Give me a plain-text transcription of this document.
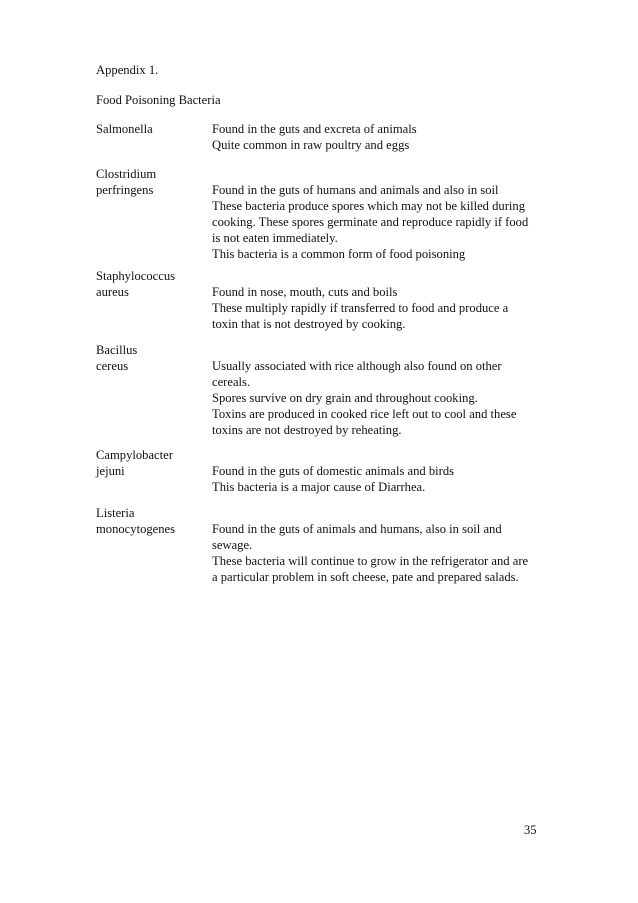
Appendix 1.
Food Poisoning Bacteria
Salmonella	Found in the guts and excreta of animals
Quite common in raw poultry and eggs
Clostridium
perfringens	Found in the guts of humans and animals and also in soil
These bacteria produce spores which may not be killed during
cooking. These spores germinate and reproduce rapidly if food
is not eaten immediately.
This bacteria is a common form of food poisoning
Staphylococcus
aureus	Found in nose, mouth, cuts and boils
These multiply rapidly if transferred to food and produce a
toxin that is not destroyed by cooking.
Bacillus
cereus	Usually associated with rice although also found on other
cereals.
Spores survive on dry grain and throughout cooking.
Toxins are produced in cooked rice left out to cool and these
toxins are not destroyed by reheating.
Campylobacter
jejuni	Found in the guts of domestic animals and birds
This bacteria is a major cause of Diarrhea.
Listeria
monocytogenes	Found in the guts of animals and humans, also in soil and
sewage.
These bacteria will continue to grow in the refrigerator and are
a particular problem in soft cheese, pate and prepared salads.
35
